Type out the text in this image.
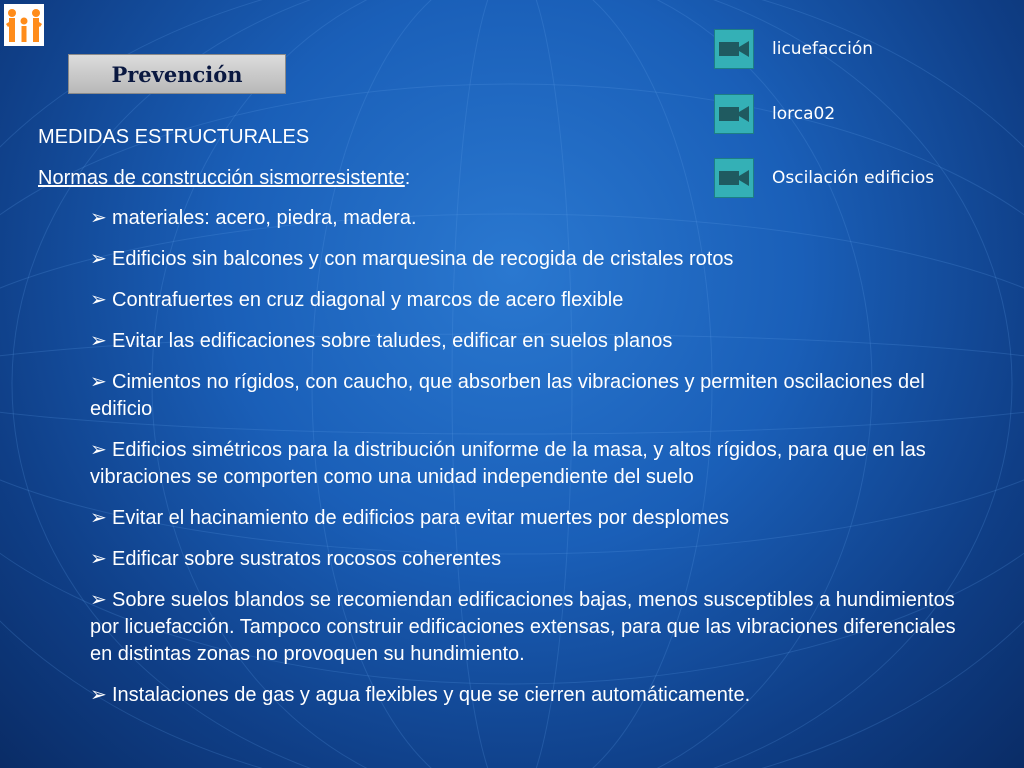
Prevención
licuefacción
lorca02
Oscilación edificios
MEDIDAS ESTRUCTURALES
Normas de construcción sismorresistente:
➢ materiales: acero, piedra, madera.
➢ Edificios sin balcones y con marquesina de recogida de cristales rotos
➢ Contrafuertes en cruz diagonal y marcos de acero flexible
➢ Evitar las edificaciones sobre taludes, edificar en suelos planos
➢ Cimientos no rígidos, con caucho, que absorben las vibraciones y permiten oscilaciones del edificio
➢ Edificios simétricos para la distribución uniforme de la masa, y altos rígidos, para que en las vibraciones se comporten como una unidad independiente del suelo
➢ Evitar el hacinamiento de edificios para evitar muertes por desplomes
➢ Edificar sobre sustratos rocosos coherentes
➢ Sobre suelos blandos se recomiendan edificaciones bajas, menos susceptibles a hundimientos por licuefacción. Tampoco construir edificaciones extensas, para que las vibraciones diferenciales en distintas zonas no provoquen su hundimiento.
➢ Instalaciones de gas y agua flexibles y que se cierren automáticamente.
